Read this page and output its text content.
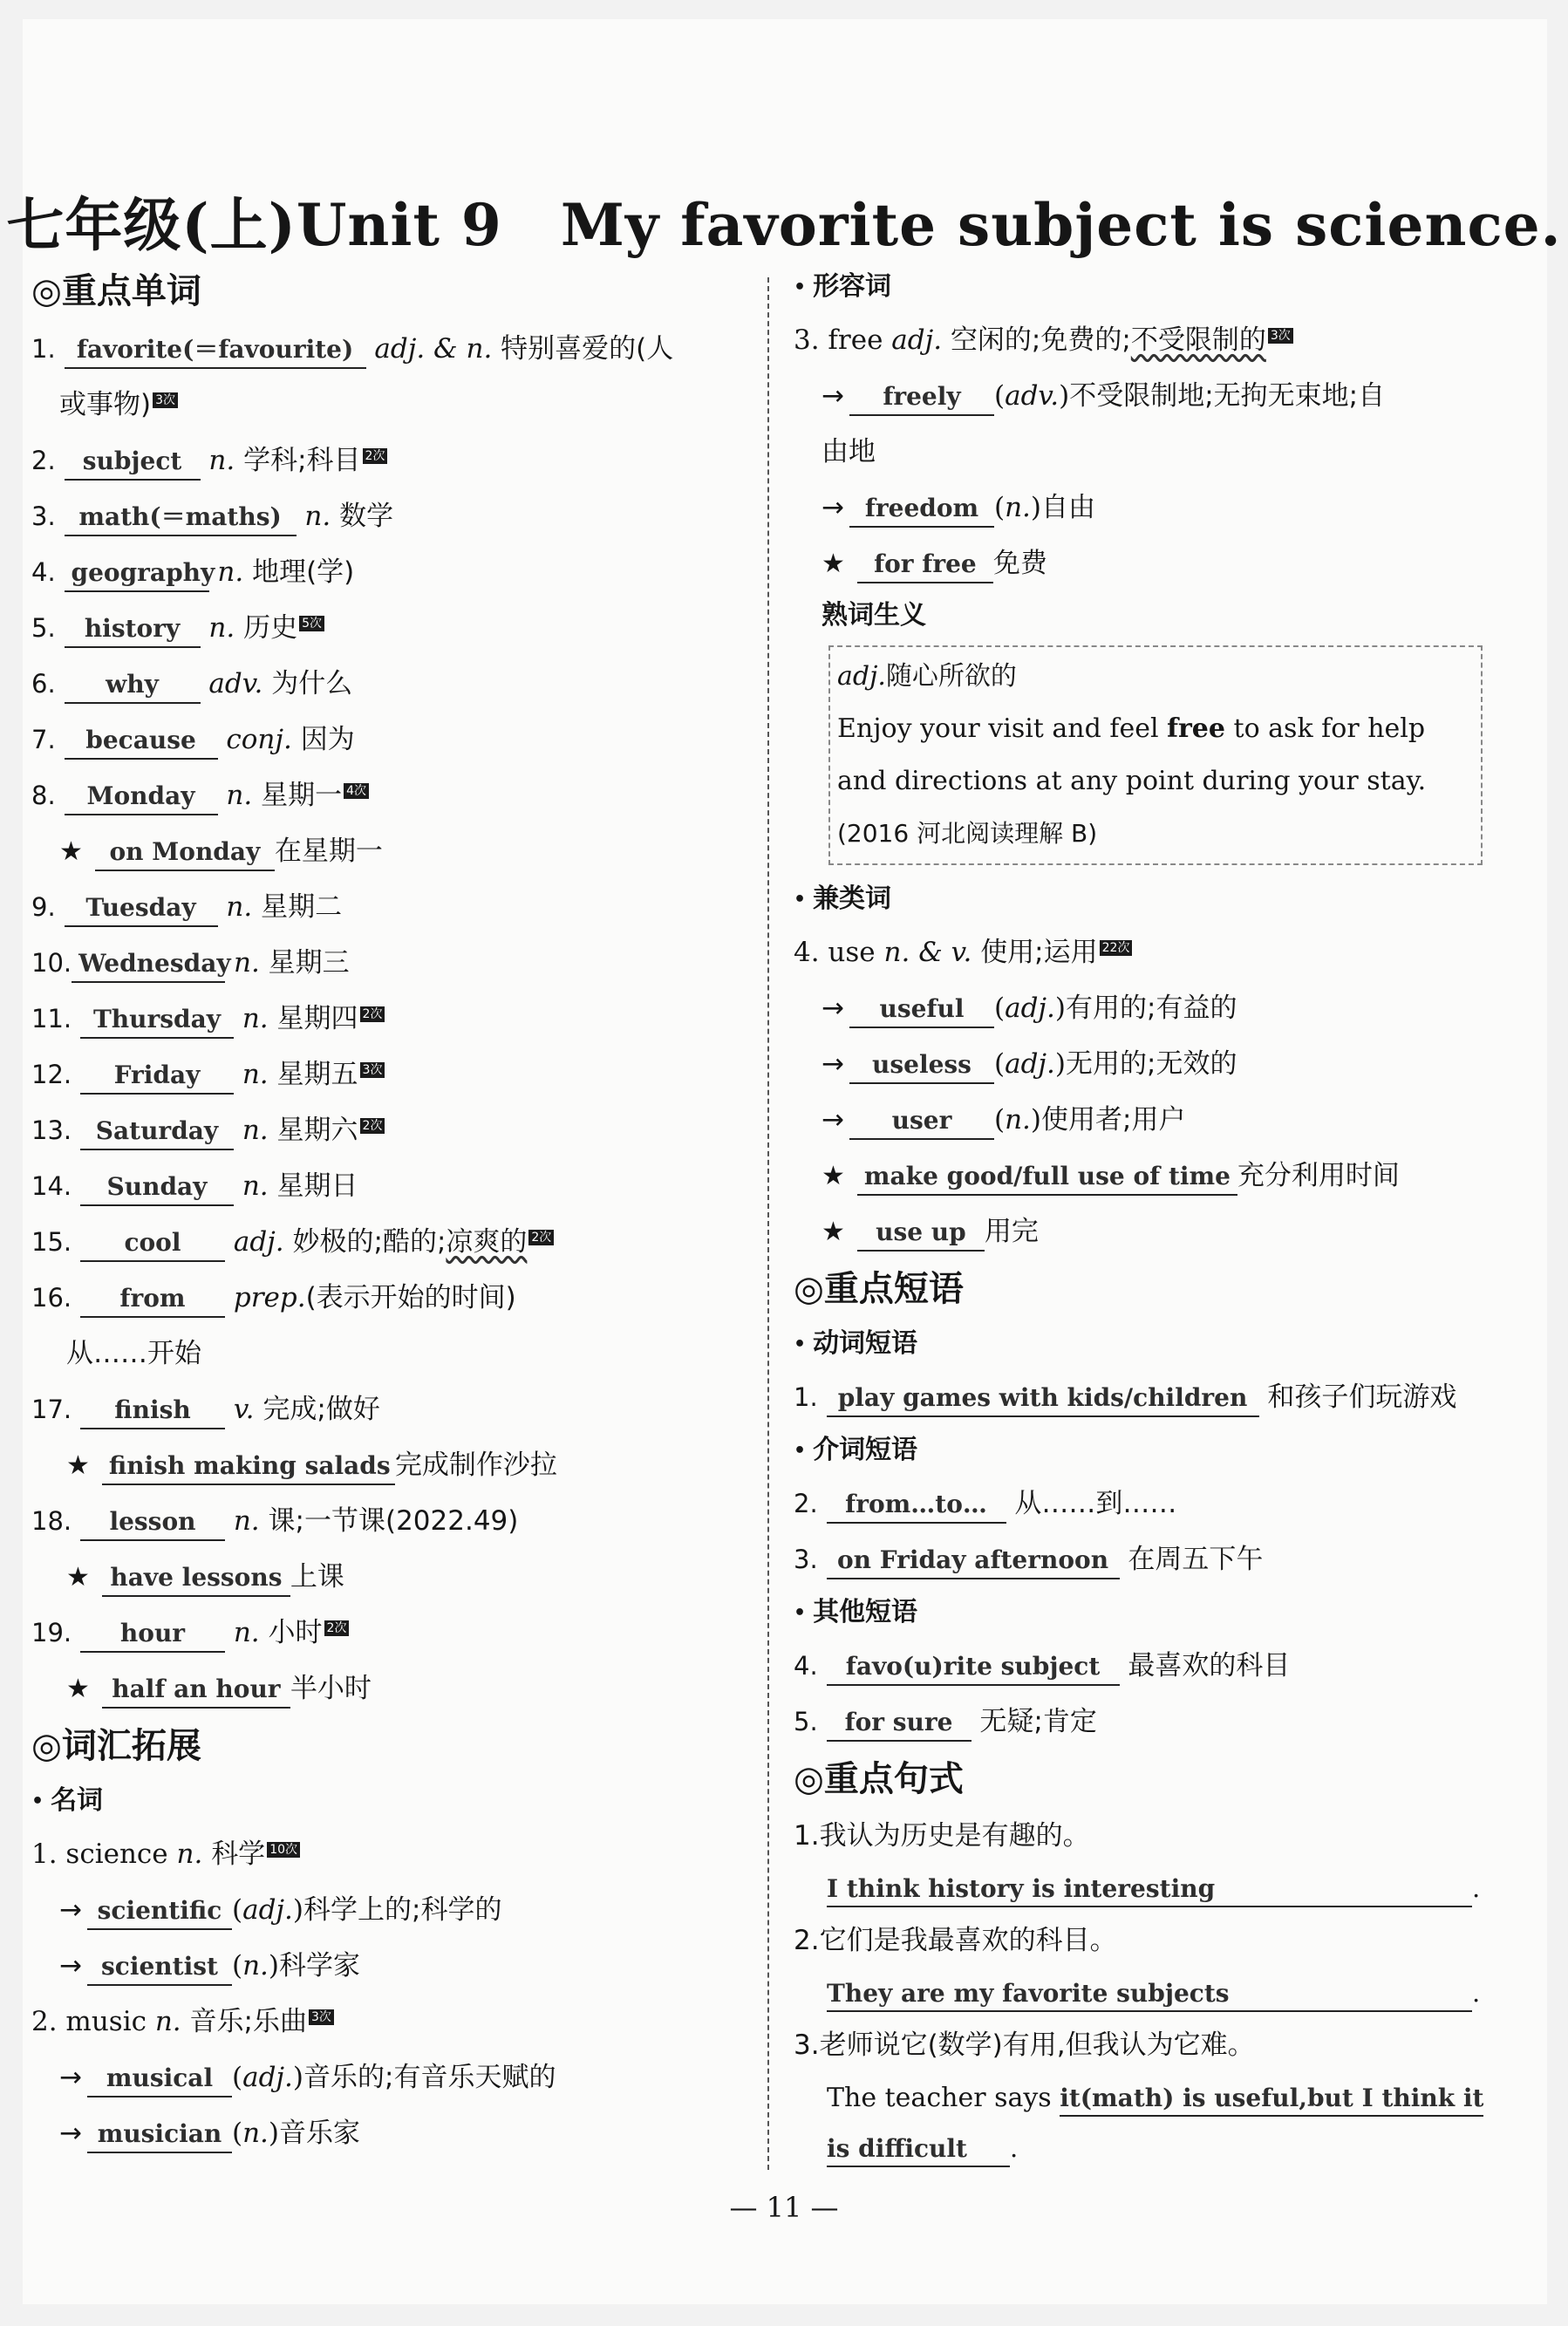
七年级(上)Unit 9　My favorite subject is science.
◎重点单词
1. favorite(＝favourite) adj. & n. 特别喜爱的(人
或事物) 3次
2. subject n. 学科;科目 2次
3. math(＝maths) n. 数学
4. geography n. 地理(学)
5. history n. 历史 5次
6. why adv. 为什么
7. because conj. 因为
8. Monday n. 星期一 4次
★ on Monday 在星期一
9. Tuesday n. 星期二
10. Wednesday n. 星期三
11. Thursday n. 星期四 2次
12. Friday n. 星期五 3次
13. Saturday n. 星期六 2次
14. Sunday n. 星期日
15. cool adj. 妙极的;酷的;凉爽的 2次
16. from prep.(表示开始的时间)
从……开始
17. finish v. 完成;做好
★ finish making salads 完成制作沙拉
18. lesson n. 课;一节课(2022.49)
★ have lessons 上课
19. hour n. 小时 2次
★ half an hour 半小时
◎词汇拓展
• 名词
1. science n. 科学 10次
→ scientific (adj.)科学上的;科学的
→ scientist (n.)科学家
2. music n. 音乐;乐曲 3次
→ musical (adj.)音乐的;有音乐天赋的
→ musician (n.)音乐家
• 形容词
3. free adj. 空闲的;免费的;不受限制的 3次
→ freely (adv.)不受限制地;无拘无束地;自
由地
→ freedom (n.)自由
★ for free 免费
熟词生义
adj.随心所欲的
Enjoy your visit and feel free to ask for help
and directions at any point during your stay.
(2016 河北阅读理解 B)
• 兼类词
4. use n. & v. 使用;运用 22次
→ useful (adj.)有用的;有益的
→ useless (adj.)无用的;无效的
→ user (n.)使用者;用户
★ make good/full use of time 充分利用时间
★ use up 用完
◎重点短语
• 动词短语
1. play games with kids/children 和孩子们玩游戏
• 介词短语
2. from…to… 从……到……
3. on Friday afternoon 在周五下午
• 其他短语
4. favo(u)rite subject 最喜欢的科目
5. for sure 无疑;肯定
◎重点句式
1.我认为历史是有趣的。
I think history is interesting	.
2.它们是我最喜欢的科目。
They are my favorite subjects	.
3.老师说它(数学)有用,但我认为它难。
The teacher says it(math) is useful,but I think it
is difficult .
— 11 —
